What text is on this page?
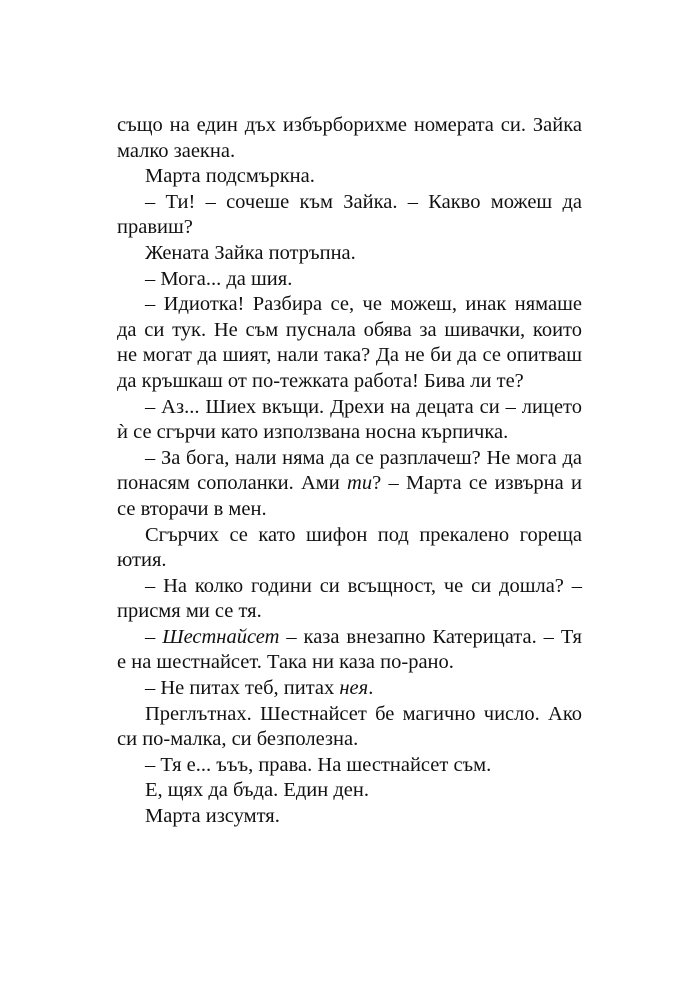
също на един дъх избърборихме номерата си. Зайка малко заекна.

Марта подсмъркна.

– Ти! – сочеше към Зайка. – Какво можеш да правиш?

Жената Зайка потръпна.

– Мога... да шия.

– Идиотка! Разбира се, че можеш, инак нямаше да си тук. Не съм пуснала обява за шивачки, които не могат да шият, нали така? Да не би да се опитваш да кръшкаш от по-тежката работа! Бива ли те?

– Аз... Шиех вкъщи. Дрехи на децата си – лицето ѝ се сгърчи като използвана носна кърпичка.

– За бога, нали няма да се разплачеш? Не мога да понасям сополанки. Ами ти? – Марта се извърна и се вторачи в мен.

Сгърчих се като шифон под прекалено гореща ютия.

– На колко години си всъщност, че си дошла? – присмя ми се тя.

– Шестнайсет – каза внезапно Катерицата. – Тя е на шестнайсет. Така ни каза по-рано.

– Не питах теб, питах нея.

Преглътнах. Шестнайсет бе магично число. Ако си по-малка, си безполезна.

– Тя е... ъъъ, права. На шестнайсет съм.

Е, щях да бъда. Един ден.

Марта изсумтя.
